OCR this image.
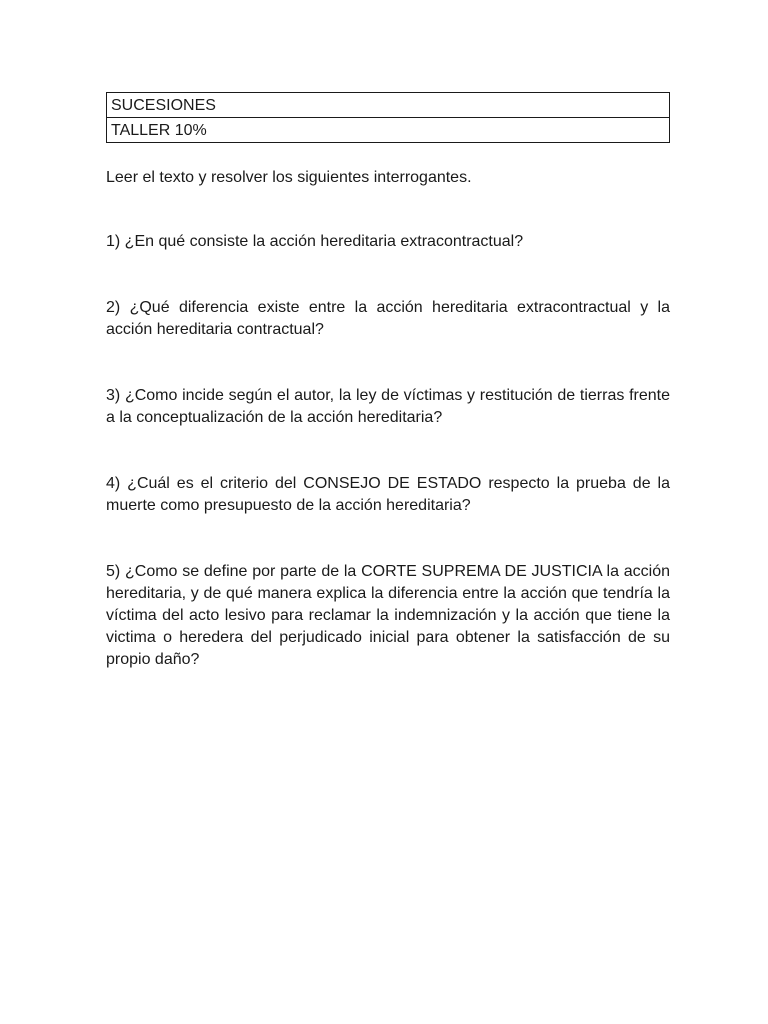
SUCESIONES
TALLER 10%

Leer el texto y resolver los siguientes interrogantes.

1) ¿En qué consiste la acción hereditaria extracontractual?

2) ¿Qué diferencia existe entre la acción hereditaria extracontractual y la acción hereditaria contractual?

3) ¿Como incide según el autor, la ley de víctimas y restitución de tierras frente a la conceptualización de la acción hereditaria?

4) ¿Cuál es el criterio del CONSEJO DE ESTADO respecto la prueba de la muerte como presupuesto de la acción hereditaria?

5) ¿Como se define por parte de la CORTE SUPREMA DE JUSTICIA la acción hereditaria, y de qué manera explica la diferencia entre la acción que tendría la víctima del acto lesivo para reclamar la indemnización y la acción que tiene la victima o heredera del perjudicado inicial para obtener la satisfacción de su propio daño?
